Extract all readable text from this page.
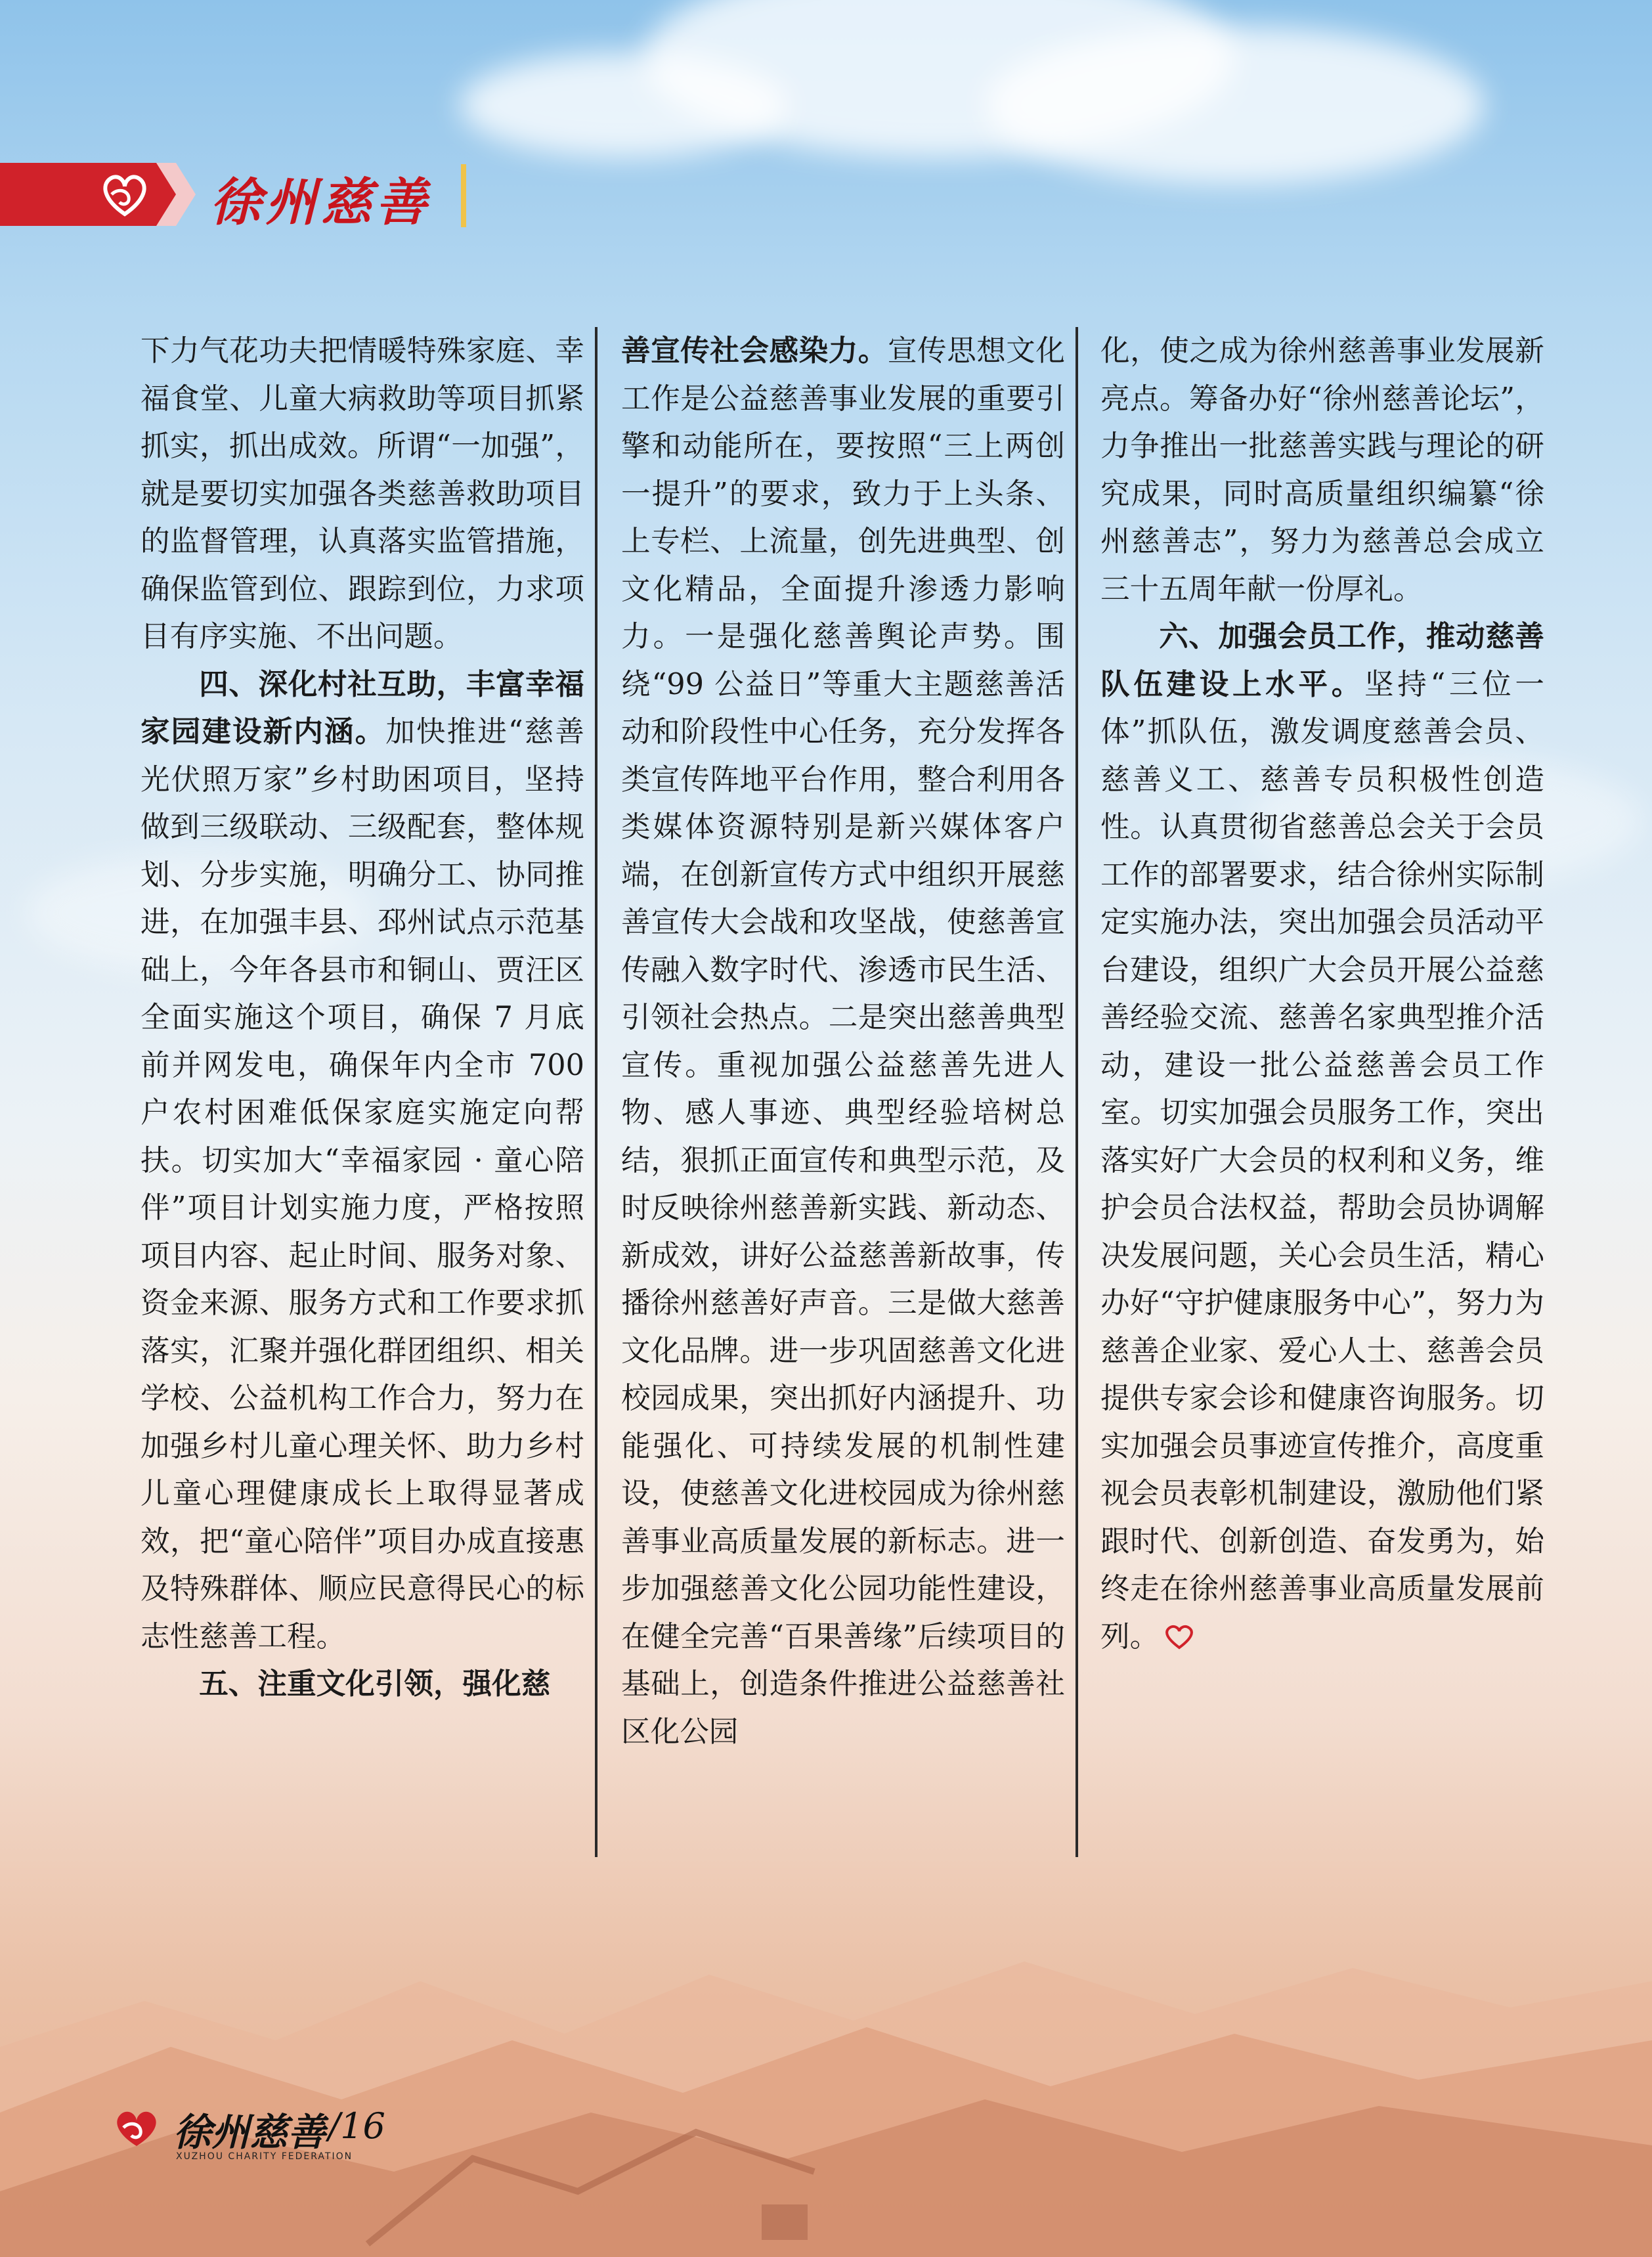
徐州慈善

下力气花功夫把情暖特殊家庭、幸福食堂、儿童大病救助等项目抓紧抓实，抓出成效。所谓“一加强”，就是要切实加强各类慈善救助项目的监督管理，认真落实监管措施，确保监管到位、跟踪到位，力求项目有序实施、不出问题。

四、深化村社互助，丰富幸福家园建设新内涵。加快推进“慈善光伏照万家”乡村助困项目，坚持做到三级联动、三级配套，整体规划、分步实施，明确分工、协同推进，在加强丰县、邳州试点示范基础上，今年各县市和铜山、贾汪区全面实施这个项目，确保 7 月底前并网发电，确保年内全市 700 户农村困难低保家庭实施定向帮扶。切实加大“幸福家园 · 童心陪伴”项目计划实施力度，严格按照项目内容、起止时间、服务对象、资金来源、服务方式和工作要求抓落实，汇聚并强化群团组织、相关学校、公益机构工作合力，努力在加强乡村儿童心理关怀、助力乡村儿童心理健康成长上取得显著成效，把“童心陪伴”项目办成直接惠及特殊群体、顺应民意得民心的标志性慈善工程。

五、注重文化引领，强化慈

善宣传社会感染力。宣传思想文化工作是公益慈善事业发展的重要引擎和动能所在，要按照“三上两创一提升”的要求，致力于上头条、上专栏、上流量，创先进典型、创文化精品，全面提升渗透力影响力。一是强化慈善舆论声势。围绕“99 公益日”等重大主题慈善活动和阶段性中心任务，充分发挥各类宣传阵地平台作用，整合利用各类媒体资源特别是新兴媒体客户端，在创新宣传方式中组织开展慈善宣传大会战和攻坚战，使慈善宣传融入数字时代、渗透市民生活、引领社会热点。二是突出慈善典型宣传。重视加强公益慈善先进人物、感人事迹、典型经验培树总结，狠抓正面宣传和典型示范，及时反映徐州慈善新实践、新动态、新成效，讲好公益慈善新故事，传播徐州慈善好声音。三是做大慈善文化品牌。进一步巩固慈善文化进校园成果，突出抓好内涵提升、功能强化、可持续发展的机制性建设，使慈善文化进校园成为徐州慈善事业高质量发展的新标志。进一步加强慈善文化公园功能性建设，在健全完善“百果善缘”后续项目的基础上，创造条件推进公益慈善社区化公园

化，使之成为徐州慈善事业发展新亮点。筹备办好“徐州慈善论坛”，力争推出一批慈善实践与理论的研究成果，同时高质量组织编纂“徐州慈善志”，努力为慈善总会成立三十五周年献一份厚礼。

六、加强会员工作，推动慈善队伍建设上水平。坚持“三位一体”抓队伍，激发调度慈善会员、慈善义工、慈善专员积极性创造性。认真贯彻省慈善总会关于会员工作的部署要求，结合徐州实际制定实施办法，突出加强会员活动平台建设，组织广大会员开展公益慈善经验交流、慈善名家典型推介活动，建设一批公益慈善会员工作室。切实加强会员服务工作，突出落实好广大会员的权利和义务，维护会员合法权益，帮助会员协调解决发展问题，关心会员生活，精心办好“守护健康服务中心”，努力为慈善企业家、爱心人士、慈善会员提供专家会诊和健康咨询服务。切实加强会员事迹宣传推介，高度重视会员表彰机制建设，激励他们紧跟时代、创新创造、奋发勇为，始终走在徐州慈善事业高质量发展前列。

徐州慈善 /16
XUZHOU CHARITY FEDERATION
